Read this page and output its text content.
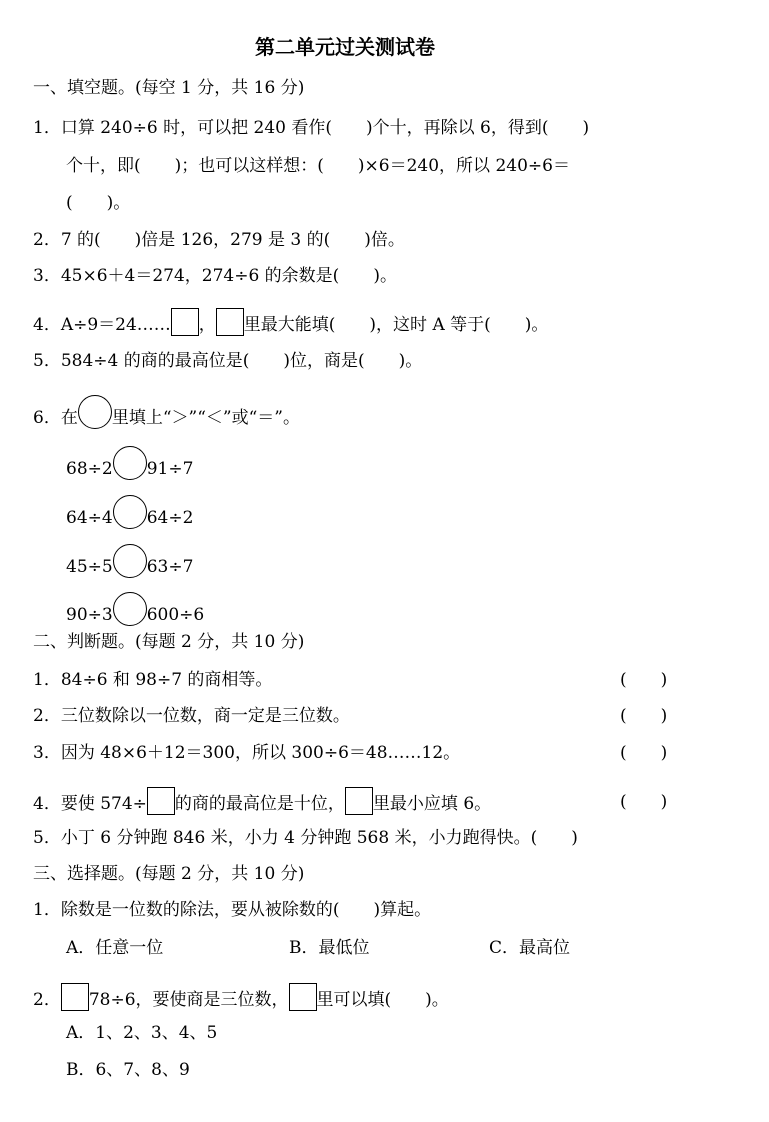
第二单元过关测试卷
一、填空题。(每空 1 分，共 16 分)
1．口算 240÷6 时，可以把 240 看作(　　)个十，再除以 6，得到(　　)
个十，即(　　)；也可以这样想：(　　)×6＝240，所以 240÷6＝
(　　)。
2．7 的(　　)倍是 126，279 是 3 的(　　)倍。
3．45×6＋4＝274，274÷6 的余数是(　　)。
4．A÷9＝24…… ， 里最大能填(　　)，这时 A 等于(　　)。
5．584÷4 的商的最高位是(　　)位，商是(　　)。
6．在 里填上“＞”“＜”或“＝”。
68÷2 91÷7
64÷4 64÷2
45÷5 63÷7
90÷3 600÷6
二、判断题。(每题 2 分，共 10 分)
1．84÷6 和 98÷7 的商相等。	(　　)
2．三位数除以一位数，商一定是三位数。	(　　)
3．因为 48×6＋12＝300，所以 300÷6＝48……12。	(　　)
4．要使 574÷ 的商的最高位是十位， 里最小应填 6。	(　　)
5．小丁 6 分钟跑 846 米，小力 4 分钟跑 568 米，小力跑得快。(　　)
三、选择题。(每题 2 分，共 10 分)
1．除数是一位数的除法，要从被除数的(　　)算起。
A．任意一位	B．最低位	C．最高位
2． 78÷6，要使商是三位数， 里可以填(　　)。
A．1、2、3、4、5
B．6、7、8、9
